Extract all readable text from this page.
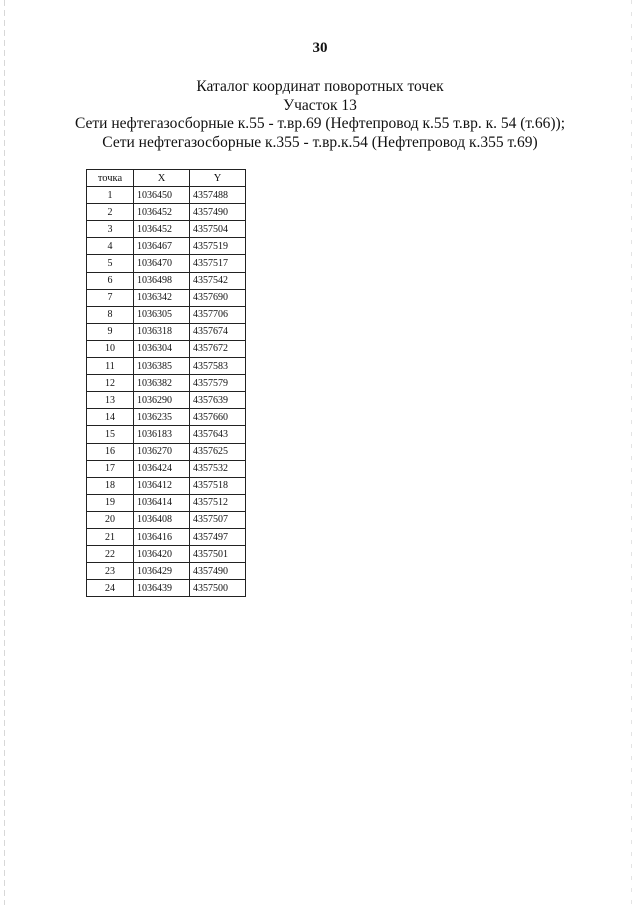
30
Каталог координат поворотных точек
Участок 13
Сети нефтегазосборные к.55 - т.вр.69 (Нефтепровод к.55 т.вр. к. 54 (т.66));
Сети нефтегазосборные к.355 - т.вр.к.54 (Нефтепровод к.355 т.69)
точка	X	Y
1	1036450	4357488
2	1036452	4357490
3	1036452	4357504
4	1036467	4357519
5	1036470	4357517
6	1036498	4357542
7	1036342	4357690
8	1036305	4357706
9	1036318	4357674
10	1036304	4357672
11	1036385	4357583
12	1036382	4357579
13	1036290	4357639
14	1036235	4357660
15	1036183	4357643
16	1036270	4357625
17	1036424	4357532
18	1036412	4357518
19	1036414	4357512
20	1036408	4357507
21	1036416	4357497
22	1036420	4357501
23	1036429	4357490
24	1036439	4357500
